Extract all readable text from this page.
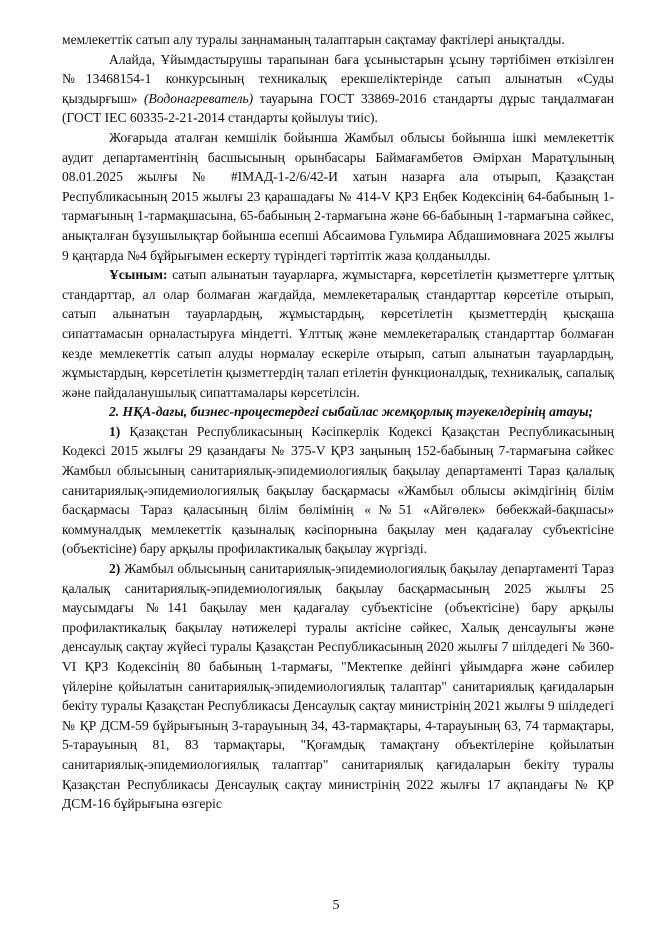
мемлекеттік сатып алу туралы заңнаманың талаптарын сақтамау фактілері анықталды.

Алайда, Ұйымдастырушы тарапынан баға ұсыныстарын ұсыну тәртібімен өткізілген №13468154-1 конкурсының техникалық ерекшеліктерінде сатып алынатын «Суды қыздырғыш» (Водонагреватель) тауарына ГОСТ 33869-2016 стандарты дұрыс таңдалмаған (ГОСТ IEC 60335-2-21-2014 стандарты қойылуы тиіс).

Жоғарыда аталған кемшілік бойынша Жамбыл облысы бойынша ішкі мемлекеттік аудит департаментінің басшысының орынбасары Баймағамбетов Әмірхан Маратұлының 08.01.2025 жылғы № #ІМАД-1-2/6/42-И хатын назарға ала отырып, Қазақстан Республикасының 2015 жылғы 23 қарашадағы № 414-V ҚРЗ Еңбек Кодексінің 64-бабының 1-тармағының 1-тармақшасына, 65-бабының 2-тармағына және 66-бабының 1-тармағына сәйкес, анықталған бұзушылықтар бойынша есепші Абсаимова Гульмира Абдашимовнаға 2025 жылғы 9 қаңтарда №4 бұйрығымен ескерту түріндегі тәртіптік жаза қолданылды.

Ұсыным: сатып алынатын тауарларға, жұмыстарға, көрсетілетін қызметтерге ұлттық стандарттар, ал олар болмаған жағдайда, мемлекетаралық стандарттар көрсетіле отырып, сатып алынатын тауарлардың, жұмыстардың, көрсетілетін қызметтердің қысқаша сипаттамасын орналастыруға міндетті. Ұлттық және мемлекетаралық стандарттар болмаған кезде мемлекеттік сатып алуды нормалау ескеріле отырып, сатып алынатын тауарлардың, жұмыстардың, көрсетілетін қызметтердің талап етілетін функционалдық, техникалық, сапалық және пайдаланушылық сипаттамалары көрсетілсін.

2. НҚА-дағы, бизнес-процестердегі сыбайлас жемқорлық тәуекелдерінің атауы;

1) Қазақстан Республикасының Кәсіпкерлік Кодексі Қазақстан Республикасының Кодексі 2015 жылғы 29 қазандағы № 375-V ҚРЗ заңының 152-бабының 7-тармағына сәйкес Жамбыл облысының санитариялық-эпидемиологиялық бақылау департаменті Тараз қалалық санитариялық-эпидемиологиялық бақылау басқармасы «Жамбыл облысы әкімдігінің білім басқармасы Тараз қаласының білім бөлімінің «№51 «Айгөлек» бөбекжай-бақшасы» коммуналдық мемлекеттік қазыналық кәсіпорнына бақылау мен қадағалау субъектісіне (объектісіне) бару арқылы профилактикалық бақылау жүргізді.

2) Жамбыл облысының санитариялық-эпидемиологиялық бақылау департаменті Тараз қалалық санитариялық-эпидемиологиялық бақылау басқармасының 2025 жылғы 25 маусымдағы №141 бақылау мен қадағалау субъектісіне (объектісіне) бару арқылы профилактикалық бақылау нәтижелері туралы актісіне сәйкес, Халық денсаулығы және денсаулық сақтау жүйесі туралы Қазақстан Республикасының 2020 жылғы 7 шілдедегі № 360-VI ҚРЗ Кодексінің 80 бабының 1-тармағы, "Мектепке дейінгі ұйымдарға және сәбилер үйлеріне қойылатын санитариялық-эпидемиологиялық талаптар" санитариялық қағидаларын бекіту туралы Қазақстан Республикасы Денсаулық сақтау министрінің 2021 жылғы 9 шілдедегі № ҚР ДСМ-59 бұйрығының 3-тарауының 34, 43-тармақтары, 4-тарауының 63, 74 тармақтары, 5-тарауының 81, 83 тармақтары, "Қоғамдық тамақтану объектілеріне қойылатын санитариялық-эпидемиологиялық талаптар" санитариялық қағидаларын бекіту туралы Қазақстан Республикасы Денсаулық сақтау министрінің 2022 жылғы 17 ақпандағы № ҚР ДСМ-16 бұйрығына өзгеріс

5
